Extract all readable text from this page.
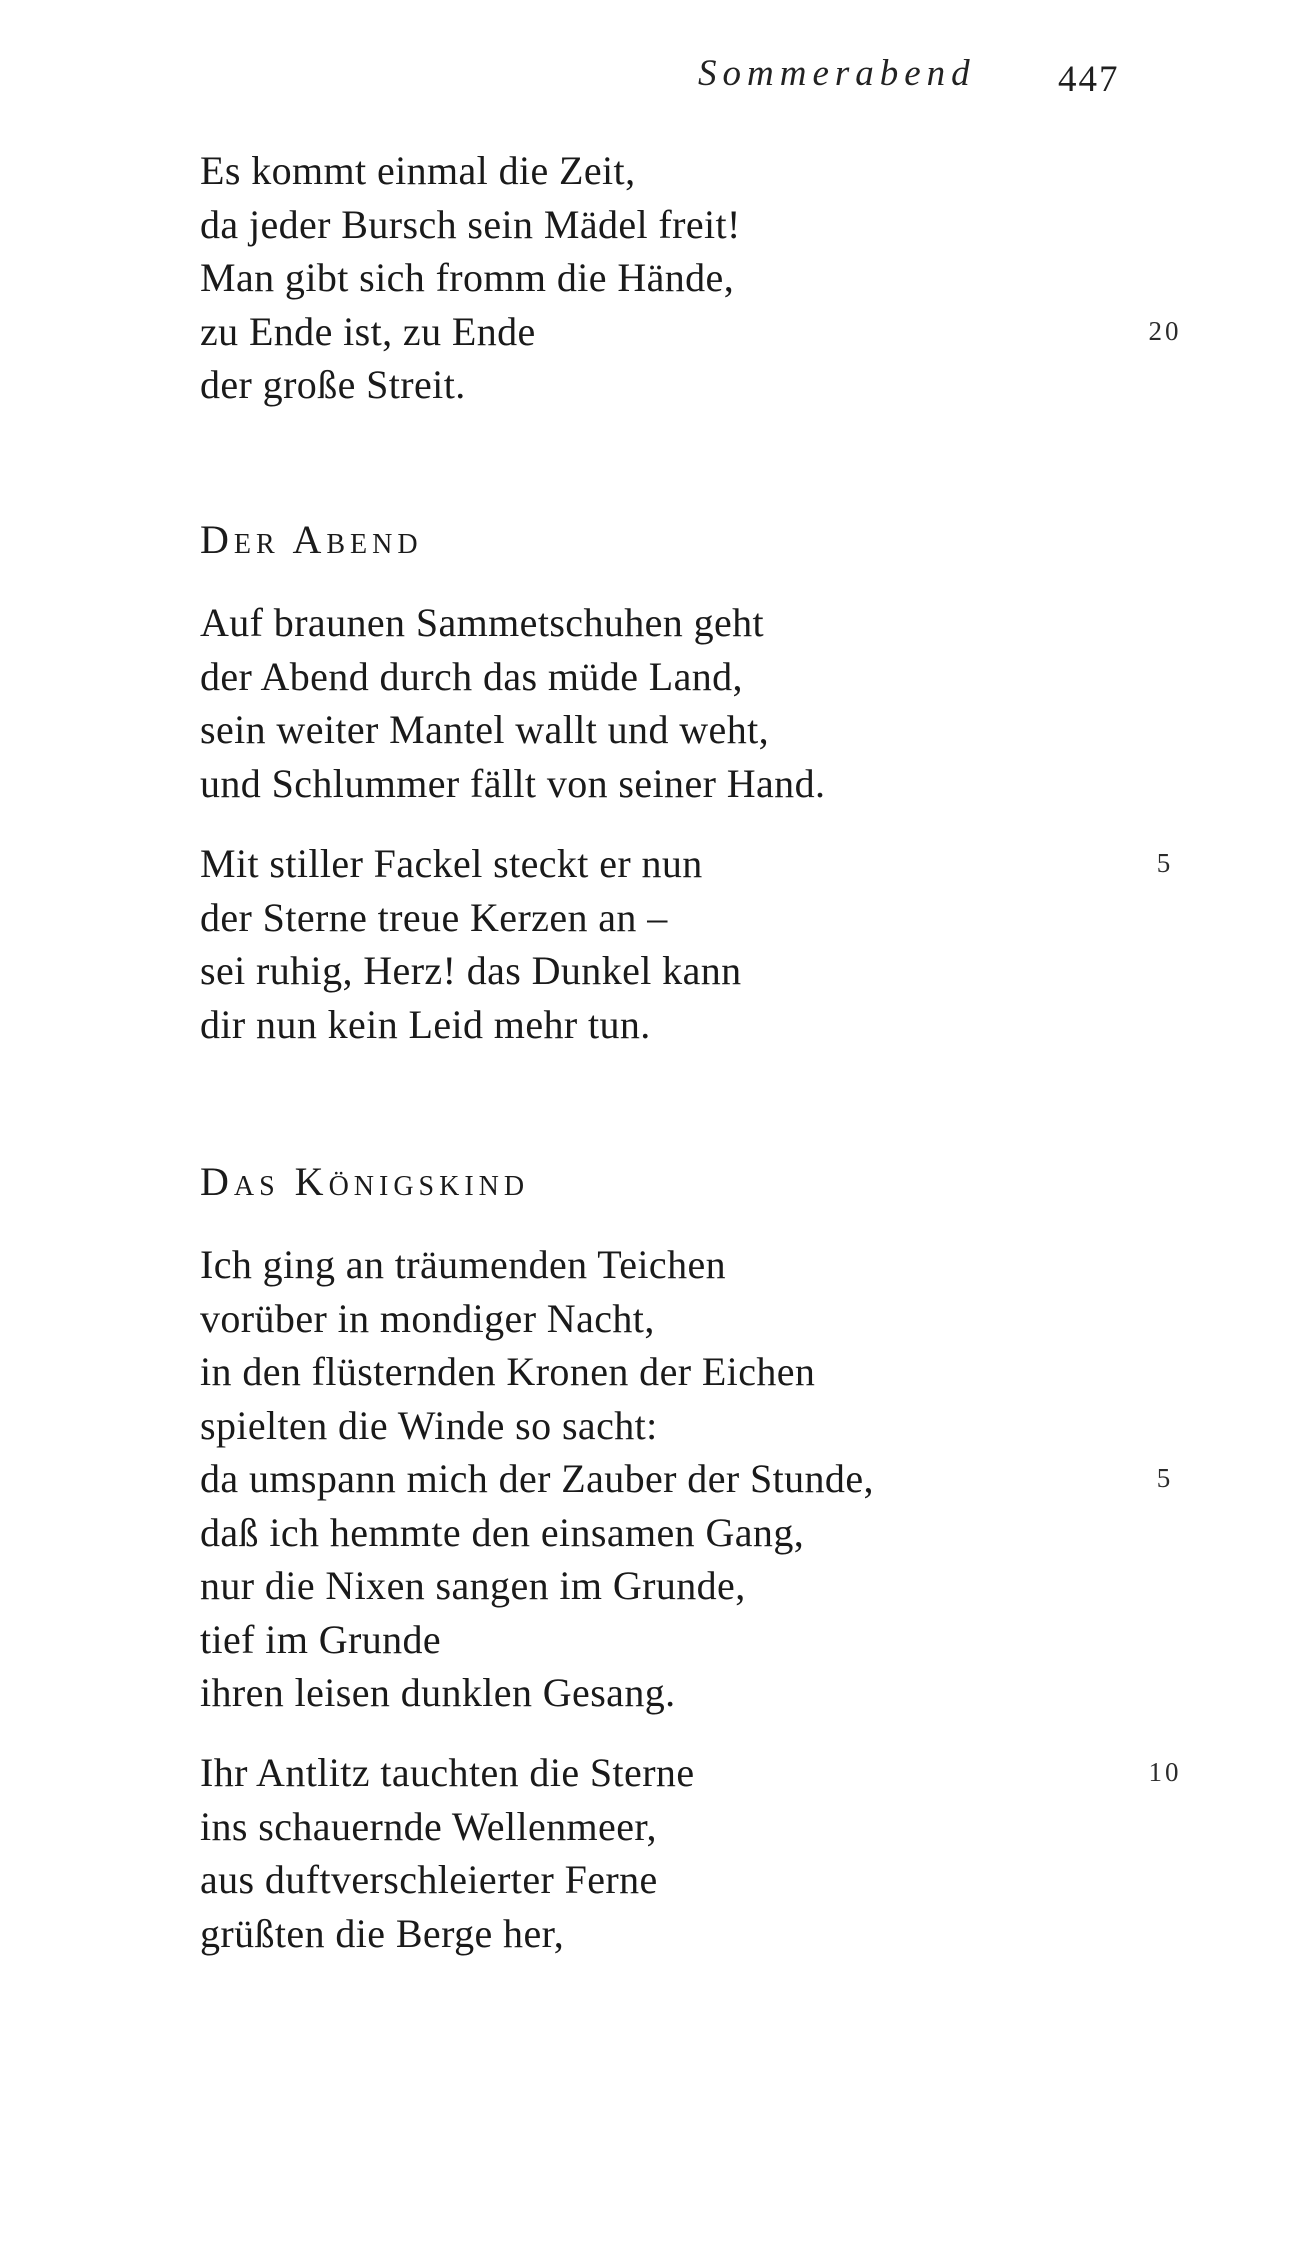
Sommerabend 447
Es kommt einmal die Zeit,
da jeder Bursch sein Mädel freit!
Man gibt sich fromm die Hände,
zu Ende ist, zu Ende	20
der große Streit.
Der Abend
Auf braunen Sammetschuhen geht
der Abend durch das müde Land,
sein weiter Mantel wallt und weht,
und Schlummer fällt von seiner Hand.
Mit stiller Fackel steckt er nun	5
der Sterne treue Kerzen an –
sei ruhig, Herz! das Dunkel kann
dir nun kein Leid mehr tun.
Das Königskind
Ich ging an träumenden Teichen
vorüber in mondiger Nacht,
in den flüsternden Kronen der Eichen
spielten die Winde so sacht:
da umspann mich der Zauber der Stunde,	5
daß ich hemmte den einsamen Gang,
nur die Nixen sangen im Grunde,
tief im Grunde
ihren leisen dunklen Gesang.
Ihr Antlitz tauchten die Sterne	10
ins schauernde Wellenmeer,
aus duftverschleierter Ferne
grüßten die Berge her,
